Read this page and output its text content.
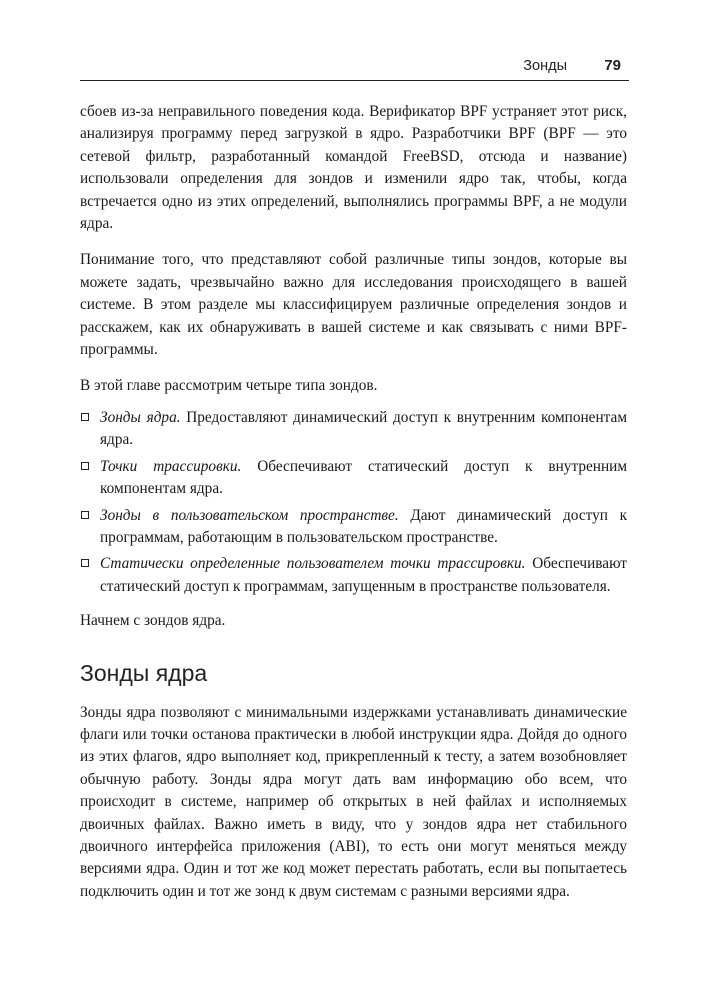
Зонды 79

сбоев из-за неправильного поведения кода. Верификатор BPF устраняет этот риск, анализируя программу перед загрузкой в ядро. Разработчики BPF (BPF — это сетевой фильтр, разработанный командой FreeBSD, отсюда и название) использовали определения для зондов и изменили ядро так, чтобы, когда встречается одно из этих определений, выполнялись программы BPF, а не модули ядра.

Понимание того, что представляют собой различные типы зондов, которые вы можете задать, чрезвычайно важно для исследования происходящего в вашей системе. В этом разделе мы классифицируем различные определения зондов и расскажем, как их обнаруживать в вашей системе и как связывать с ними BPF-программы.

В этой главе рассмотрим четыре типа зондов.

Зонды ядра. Предоставляют динамический доступ к внутренним компонентам ядра.
Точки трассировки. Обеспечивают статический доступ к внутренним компонентам ядра.
Зонды в пользовательском пространстве. Дают динамический доступ к программам, работающим в пользовательском пространстве.
Статически определенные пользователем точки трассировки. Обеспечивают статический доступ к программам, запущенным в пространстве пользователя.

Начнем с зондов ядра.

Зонды ядра

Зонды ядра позволяют с минимальными издержками устанавливать динамические флаги или точки останова практически в любой инструкции ядра. Дойдя до одного из этих флагов, ядро выполняет код, прикрепленный к тесту, а затем возобновляет обычную работу. Зонды ядра могут дать вам информацию обо всем, что происходит в системе, например об открытых в ней файлах и исполняемых двоичных файлах. Важно иметь в виду, что у зондов ядра нет стабильного двоичного интерфейса приложения (ABI), то есть они могут меняться между версиями ядра. Один и тот же код может перестать работать, если вы попытаетесь подключить один и тот же зонд к двум системам с разными версиями ядра.
